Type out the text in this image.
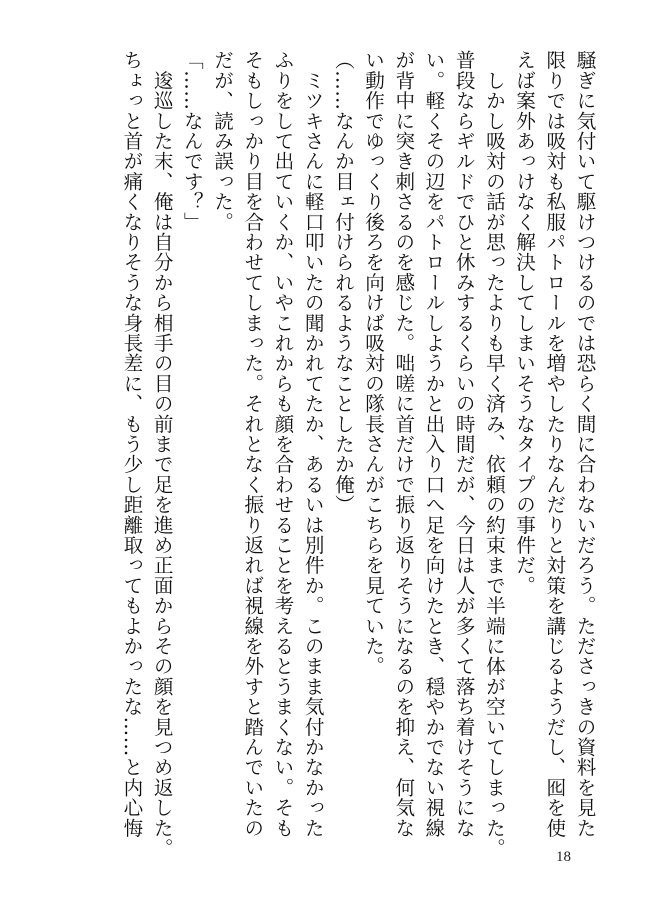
騒ぎに気付いて駆けつけるのでは恐らく間に合わないだろう。たださっきの資料を見た
限りでは吸対も私服パトロールを増やしたりなんだりと対策を講じるようだし、囮を使
えば案外あっけなく解決してしまいそうなタイプの事件だ。
　しかし吸対の話が思ったよりも早く済み、依頼の約束まで半端に体が空いてしまった。
普段ならギルドでひと休みするくらいの時間だが、今日は人が多くて落ち着けそうにな
い。軽くその辺をパトロールしようかと出入り口へ足を向けたとき、穏やかでない視線
が背中に突き刺さるのを感じた。咄嗟に首だけで振り返りそうになるのを抑え、何気な
い動作でゆっくり後ろを向けば吸対の隊長さんがこちらを見ていた。
（……なんか目ェ付けられるようなことしたか俺）
　ミツキさんに軽口叩いたの聞かれてたか、あるいは別件か。このまま気付かなかった
ふりをして出ていくか、いやこれからも顔を合わせることを考えるとうまくない。そも
そもしっかり目を合わせてしまった。それとなく振り返れば視線を外すと踏んでいたの
だが、読み誤った。
「……なんです？」
　逡巡した末、俺は自分から相手の目の前まで足を進め正面からその顔を見つめ返した。
ちょっと首が痛くなりそうな身長差に、もう少し距離取ってもよかったな……と内心悔
18
